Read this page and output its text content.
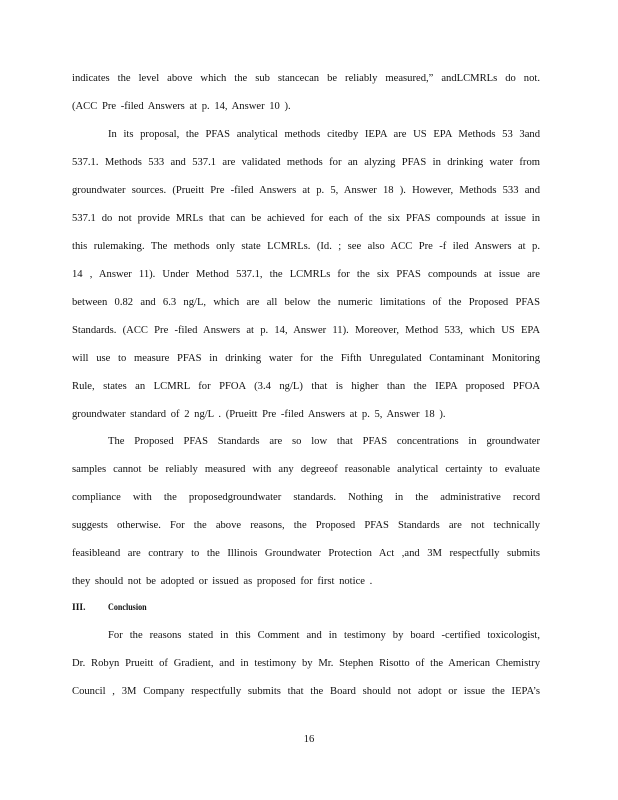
indicates the level above which the sub stancecan be reliably measured,” andLCMRLs do not.
(ACC Pre -filed Answers at p. 14, Answer 10 ).
In its proposal, the PFAS analytical methods citedby IEPA are US EPA Methods 53 3and
537.1. Methods 533 and 537.1 are validated methods for an alyzing PFAS in drinking water from
groundwater sources. (Prueitt Pre -filed Answers at p. 5, Answer 18 ). However, Methods 533 and
537.1 do not provide MRLs that can be achieved for each of the six PFAS compounds at issue in
this rulemaking. The methods only state LCMRLs. (Id. ; see also ACC Pre -f iled Answers at p.
14 , Answer 11). Under Method 537.1, the LCMRLs for the six PFAS compounds at issue are
between 0.82 and 6.3 ng/L, which are all below the numeric limitations of the Proposed PFAS
Standards. (ACC Pre -filed Answers at p. 14, Answer 11). Moreover, Method 533, which US EPA
will use to measure PFAS in drinking water for the Fifth Unregulated Contaminant Monitoring
Rule, states an LCMRL for PFOA (3.4 ng/L) that is higher than the IEPA proposed PFOA
groundwater standard of 2 ng/L . (Prueitt Pre -filed Answers at p. 5, Answer 18 ).
The Proposed PFAS Standards are so low that PFAS concentrations in groundwater
samples cannot be reliably measured with any degreeof reasonable analytical certainty to evaluate
compliance with the proposedgroundwater standards. Nothing in the administrative record
suggests otherwise. For the above reasons, the Proposed PFAS Standards are not technically
feasibleand are contrary to the Illinois Groundwater Protection Act ,and 3M respectfully submits
they should not be adopted or issued as proposed for first notice .
III. Conclusion
For the reasons stated in this Comment and in testimony by board -certified toxicologist,
Dr. Robyn Prueitt of Gradient, and in testimony by Mr. Stephen Risotto of the American Chemistry
Council , 3M Company respectfully submits that the Board should not adopt or issue the IEPA’s
16
